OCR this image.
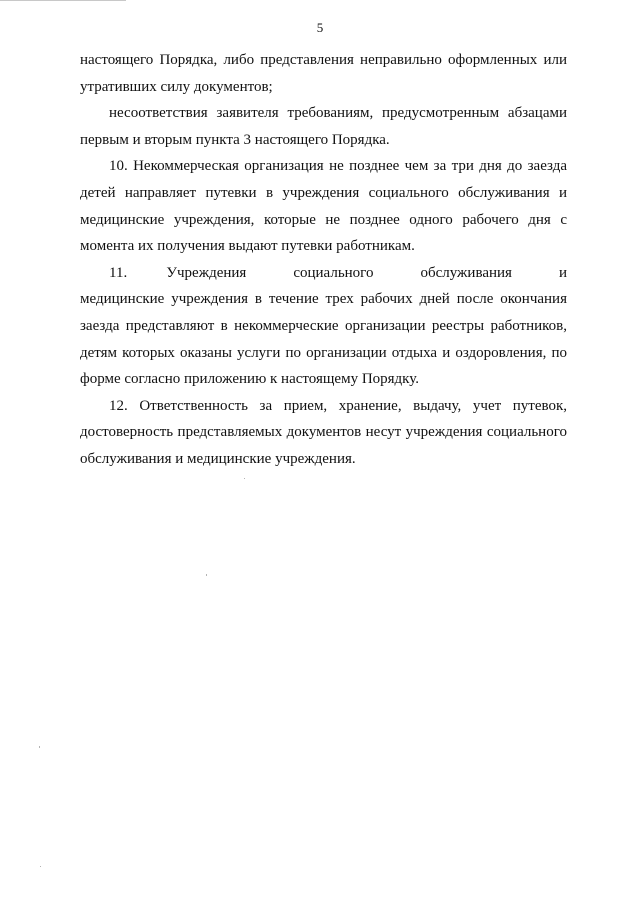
5

настоящего Порядка, либо представления неправильно оформленных или утративших силу документов;

несоответствия заявителя требованиям, предусмотренным абзацами первым и вторым пункта 3 настоящего Порядка.

10. Некоммерческая организация не позднее чем за три дня до заезда детей направляет путевки в учреждения социального обслуживания и медицинские учреждения, которые не позднее одного рабочего дня с момента их получения выдают путевки работникам.

11.     Учреждения      социального      обслуживания      и      медицинские учреждения в течение трех рабочих дней после окончания заезда представляют в некоммерческие организации реестры работников, детям которых оказаны услуги по организации отдыха и оздоровления, по форме согласно приложению к настоящему Порядку.

12. Ответственность за прием, хранение, выдачу, учет путевок, достоверность представляемых документов несут учреждения социального обслуживания и медицинские учреждения.
